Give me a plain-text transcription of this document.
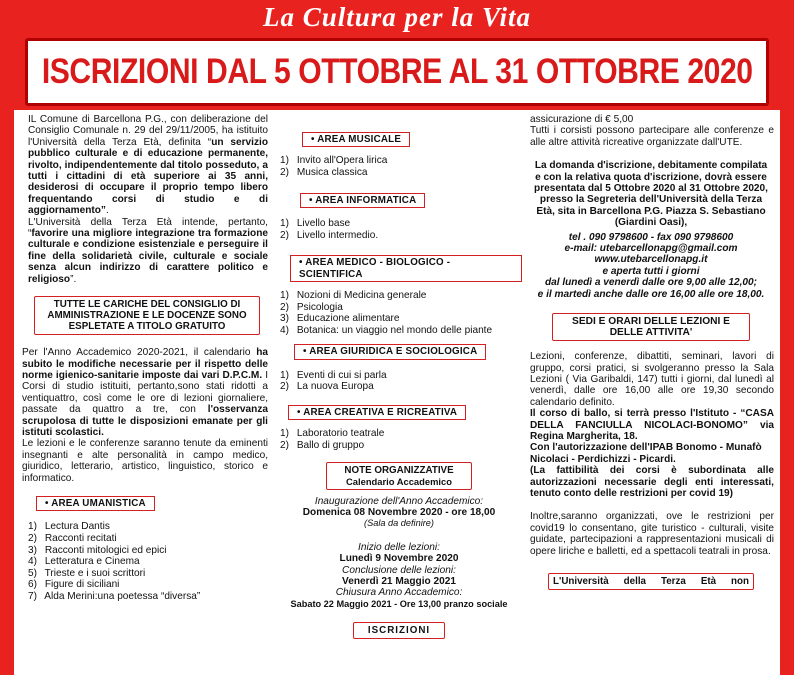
La Cultura per la Vita
ISCRIZIONI DAL 5 OTTOBRE AL 31 OTTOBRE 2020

IL Comune di Barcellona P.G., con deliberazione del Consiglio Comunale n. 29 del 29/11/2005, ha istituito l'Università della Terza Età, definita “un servizio pubblico culturale e di educazione permanente, rivolto, indipendentemente dal titolo posseduto, a tutti i cittadini di età superiore ai 35 anni, desiderosi di occupare il proprio tempo libero frequentando corsi di studio e di aggiornamento”.

L'Università della Terza Età intende, pertanto, “favorire una migliore integrazione tra formazione culturale e condizione esistenziale e perseguire il fine della solidarietà civile, culturale e sociale senza alcun indirizzo di carattere politico e religioso”.

TUTTE LE CARICHE DEL CONSIGLIO DI AMMINISTRAZIONE E LE DOCENZE SONO ESPLETATE A TITOLO GRATUITO

Per l'Anno Accademico 2020-2021, il calendario ha subito le modifiche necessarie per il rispetto delle norme igienico-sanitarie imposte dai vari D.P.C.M. I Corsi di studio istituiti, pertanto,sono stati ridotti a ventiquattro, così come le ore di lezioni giornaliere, passate da quattro a tre, con l'osservanza scrupolosa di tutte le disposizioni emanate per gli istituti scolastici.

Le lezioni e le conferenze saranno tenute da eminenti insegnanti e alte personalità in campo medico, giuridico, letterario, artistico, linguistico, storico e informatico.

• AREA UMANISTICA
1) Lectura Dantis
2) Racconti recitati
3) Racconti mitologici ed epici
4) Letteratura e Cinema
5) Trieste e i suoi scrittori
6) Figure di siciliani
7) Alda Merini:una poetessa “diversa”
• AREA MUSICALE
1) Invito all'Opera lirica
2) Musica classica
• AREA INFORMATICA
1) Livello base
2) Livello intermedio.
• AREA MEDICO - BIOLOGICO - SCIENTIFICA
1) Nozioni di Medicina generale
2) Psicologia
3) Educazione alimentare
4) Botanica: un viaggio nel mondo delle piante
• AREA GIURIDICA E SOCIOLOGICA
1) Eventi di cui si parla
2) La nuova Europa
• AREA CREATIVA E RICREATIVA
1) Laboratorio teatrale
2) Ballo di gruppo
NOTE ORGANIZZATIVE
Calendario Accademico
Inaugurazione dell'Anno Accademico:
Domenica 08 Novembre 2020 - ore 18,00
(Sala da definire)
Inizio delle lezioni:
Lunedì 9 Novembre 2020
Conclusione delle lezioni:
Venerdì 21 Maggio 2021
Chiusura Anno Accademico:
Sabato 22 Maggio 2021 - Ore 13,00 pranzo sociale
ISCRIZIONI

assicurazione di € 5,00

Tutti i corsisti possono partecipare alle conferenze e alle altre attività ricreative organizzate dall'UTE.

La domanda d'iscrizione, debitamente compilata e con la relativa quota d'iscrizione, dovrà essere presentata dal 5 Ottobre 2020 al 31 Ottobre 2020, presso la Segreteria dell'Università della Terza Età, sita in Barcellona P.G. Piazza S. Sebastiano (Giardini Oasi),

tel . 090 9798600 - fax 090 9798600
e-mail: utebarcellonapg@gmail.com
www.utebarcellonapg.it
e aperta tutti i giorni
dal lunedì a venerdì dalle ore 9,00 alle 12,00;
e il martedì anche dalle ore 16,00 alle ore 18,00.
SEDI E ORARI DELLE LEZIONI E DELLE ATTIVITA'

Lezioni, conferenze, dibattiti, seminari, lavori di gruppo, corsi pratici, si svolgeranno presso la Sala Lezioni ( Via Garibaldi, 147) tutti i giorni, dal lunedì al venerdì, dalle ore 16,00 alle ore 19,30 secondo calendario definito.

Il corso di ballo, si terrà presso l'Istituto - “CASA DELLA FANCIULLA NICOLACI-BONOMO” via Regina Margherita, 18.

Con l'autorizzazione dell'IPAB Bonomo - Munafò Nicolaci - Perdichizzi - Picardi.

(La fattibilità dei corsi è subordinata alle autorizzazioni necessarie degli enti interessati, tenuto conto delle restrizioni per covid 19)

Inoltre,saranno organizzati, ove le restrizioni per covid19 lo consentano, gite turistico - culturali, visite guidate, partecipazioni a rappresentazioni musicali di opere liriche e balletti, ed a spettacoli teatrali in prosa.

L'Università della Terza Età non
